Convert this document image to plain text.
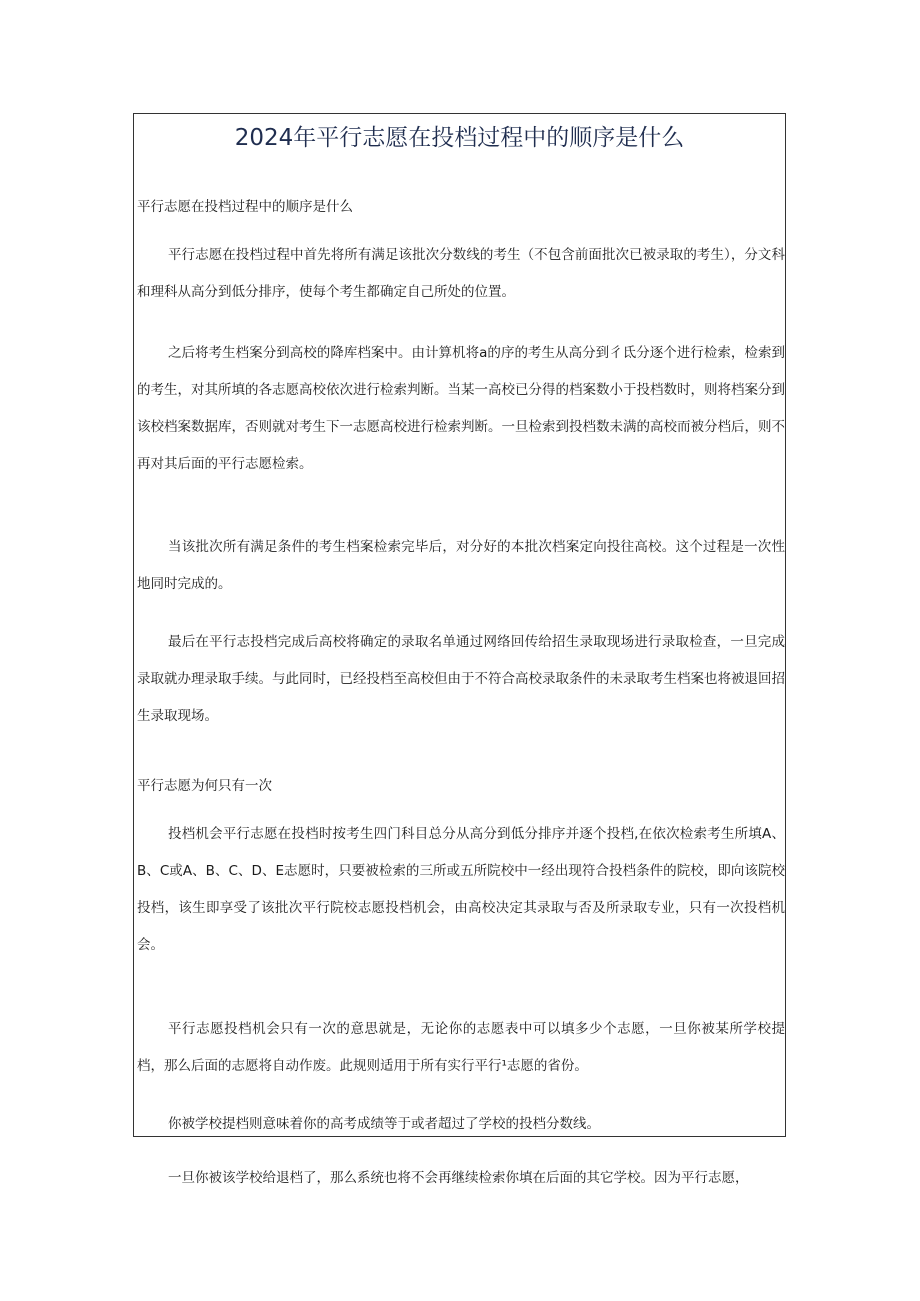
2024年平行志愿在投档过程中的顺序是什么

平行志愿在投档过程中的顺序是什么

平行志愿在投档过程中首先将所有满足该批次分数线的考生（不包含前面批次已被录取的考生），分文科和理科从高分到低分排序，使每个考生都确定自己所处的位置。

之后将考生档案分到高校的降库档案中。由计算机将a的序的考生从高分到彳氐分逐个进行检索，检索到的考生，对其所填的各志愿高校依次进行检索判断。当某一高校已分得的档案数小于投档数时，则将档案分到该校档案数据库，否则就对考生下一志愿高校进行检索判断。一旦检索到投档数未满的高校而被分档后，则不再对其后面的平行志愿检索。

当该批次所有满足条件的考生档案检索完毕后，对分好的本批次档案定向投往高校。这个过程是一次性地同时完成的。

最后在平行志投档完成后高校将确定的录取名单通过网络回传给招生录取现场进行录取检查，一旦完成录取就办理录取手续。与此同时，已经投档至高校但由于不符合高校录取条件的未录取考生档案也将被退回招生录取现场。

平行志愿为何只有一次

投档机会平行志愿在投档时按考生四门科目总分从高分到低分排序并逐个投档,在依次检索考生所填A、B、C或A、B、C、D、E志愿时，只要被检索的三所或五所院校中一经出现符合投档条件的院校，即向该院校投档，该生即享受了该批次平行院校志愿投档机会，由高校决定其录取与否及所录取专业，只有一次投档机会。

平行志愿投档机会只有一次的意思就是，无论你的志愿表中可以填多少个志愿，一旦你被某所学校提档，那么后面的志愿将自动作废。此规则适用于所有实行平行¹志愿的省份。

你被学校提档则意味着你的高考成绩等于或者超过了学校的投档分数线。

一旦你被该学校给退档了，那么系统也将不会再继续检索你填在后面的其它学校。因为平行志愿，
